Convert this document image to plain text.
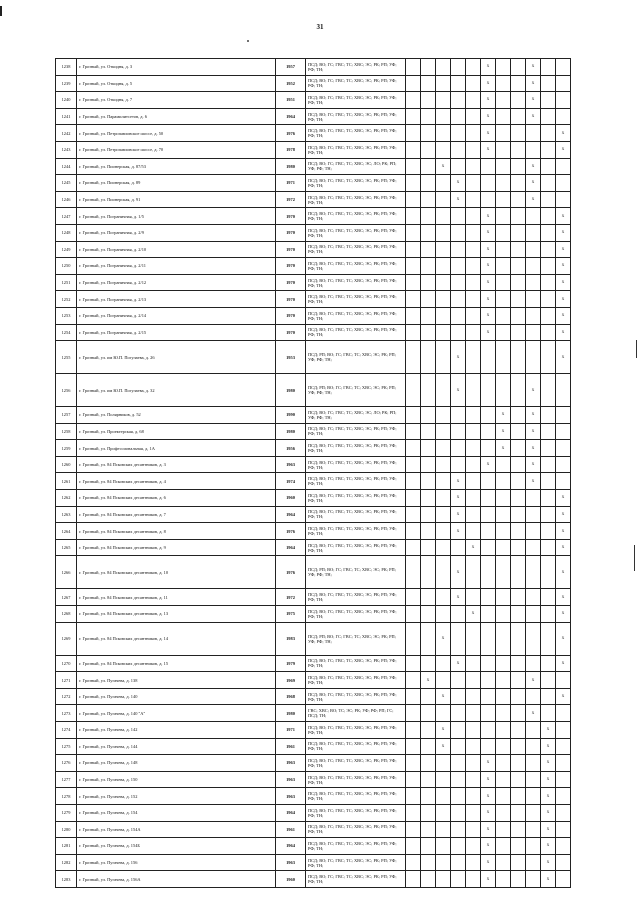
31
1238	г. Грозный, ул. Откидня, д. 3	1957	ПСД; ВО; ГС; ГВС; ТС; ХВС; ЭС; РК; РП; УФ; РФ; ТН;						x			x		
1239	г. Грозный, ул. Откидня, д. 5	1952	ПСД; ВО; ГС; ГВС; ТС; ХВС; ЭС; РК; РП; УФ; РФ; ТН;						x			x		
1240	г. Грозный, ул. Откидня, д. 7	1951	ПСД; ВО; ГС; ГВС; ТС; ХВС; ЭС; РК; РП; УФ; РФ; ТН;						x			x		
1241	г. Грозный, ул. Парамилитсетов, д. 6	1964	ПСД; ВО; ГС; ГВС; ТС; ХВС; ЭС; РК; РП; УФ; РФ; ТН;						x			x		
1242	г. Грозный, ул. Петропавловское шоссе, д. 50	1976	ПСД; ВО; ГС; ГВС; ТС; ХВС; ЭС; РК; РП; УФ; РФ; ТН;						x					x
1243	г. Грозный, ул. Петропавловское шоссе, д. 70	1978	ПСД; ВО; ГС; ГВС; ТС; ХВС; ЭС; РК; РП; УФ; РФ; ТН;						x					x
1244	г. Грозный, ул. Пионерская, д. 87/53	1980	ПСД; ВО; ГС; ГВС; ТС; ХВС; ЭС; ЛО; РК; РП; УФ; РФ; ТН;			x						x		
1245	г. Грозный, ул. Пионерская, д. 89	1971	ПСД; ВО; ГС; ГВС; ТС; ХВС; ЭС; РК; РП; УФ; РФ; ТН;				x					x		
1246	г. Грозный, ул. Пионерская, д. 91	1972	ПСД; ВО; ГС; ГВС; ТС; ХВС; ЭС; РК; РП; УФ; РФ; ТН;				x					x		
1247	г. Грозный, ул. Пограничная, д. 1/5	1970	ПСД; ВО; ГС; ГВС; ТС; ХВС; ЭС; РК; РП; УФ; РФ; ТН;						x					x
1248	г. Грозный, ул. Пограничная, д. 2/9	1970	ПСД; ВО; ГС; ГВС; ТС; ХВС; ЭС; РК; РП; УФ; РФ; ТН;						x					x
1249	г. Грозный, ул. Пограничная, д. 2/10	1970	ПСД; ВО; ГС; ГВС; ТС; ХВС; ЭС; РК; РП; УФ; РФ; ТН;						x					x
1250	г. Грозный, ул. Пограничная, д. 2/11	1970	ПСД; ВО; ГС; ГВС; ТС; ХВС; ЭС; РК; РП; УФ; РФ; ТН;						x					x
1251	г. Грозный, ул. Пограничная, д. 2/12	1970	ПСД; ВО; ГС; ГВС; ТС; ХВС; ЭС; РК; РП; УФ; РФ; ТН;						x					x
1252	г. Грозный, ул. Пограничная, д. 2/13	1970	ПСД; ВО; ГС; ГВС; ТС; ХВС; ЭС; РК; РП; УФ; РФ; ТН;						x					x
1253	г. Грозный, ул. Пограничная, д. 2/14	1970	ПСД; ВО; ГС; ГВС; ТС; ХВС; ЭС; РК; РП; УФ; РФ; ТН;						x					x
1254	г. Грозный, ул. Пограничная, д. 2/15	1970	ПСД; ВО; ГС; ГВС; ТС; ХВС; ЭС; РК; РП; УФ; РФ; ТН;						x					x
1255	г. Грозный, ул. им Ю.П. Погулаева, д. 26	1953	ПСД; РП; ВО; ГС; ГВС; ТС; ХВС; ЭС; РК; РП; УФ; РФ; ТН;				x							x
1256	г. Грозный, ул. им Ю.П. Погулаева, д. 32	1980	ПСД; РП; ВО; ГС; ГВС; ТС; ХВС; ЭС; РК; РП; УФ; РФ; ТН;				x					x		
1257	г. Грозный, ул. Полярников, д. 52	1990	ПСД; ВО; ГС; ГВС; ТС; ХВС; ЭС; ЛО; РК; РП; УФ; РФ; ТН;							x		x		
1258	г. Грозный, ул. Проектерская, д. 68	1980	ПСД; ВО; ГС; ГВС; ТС; ХВС; ЭС; РК; РП; УФ; РФ; ТН;							x		x		
1259	г. Грозный, ул. Профессиональная, д. 1А	1956	ПСД; ВО; ГС; ГВС; ТС; ХВС; ЭС; РК; РП; УФ; РФ; ТН;							x		x		
1260	г. Грозный, ул. 84 Псковских десантников, д. 3	1963	ПСД; ВО; ГС; ГВС; ТС; ХВС; ЭС; РК; РП; УФ; РФ; ТН;						x			x		
1261	г. Грозный, ул. 84 Псковских десантников, д. 4	1974	ПСД; ВО; ГС; ГВС; ТС; ХВС; ЭС; РК; РП; УФ; РФ; ТН;				x					x		
1262	г. Грозный, ул. 84 Псковских десантников, д. 6	1960	ПСД; ВО; ГС; ГВС; ТС; ХВС; ЭС; РК; РП; УФ; РФ; ТН;				x							x
1263	г. Грозный, ул. 84 Псковских десантников, д. 7	1964	ПСД; ВО; ГС; ГВС; ТС; ХВС; ЭС; РК; РП; УФ; РФ; ТН;				x							x
1264	г. Грозный, ул. 84 Псковских десантников, д. 8	1976	ПСД; ВО; ГС; ГВС; ТС; ХВС; ЭС; РК; РП; УФ; РФ; ТН;				x							x
1265	г. Грозный, ул. 84 Псковских десантников, д. 9	1964	ПСД; ВО; ГС; ГВС; ТС; ХВС; ЭС; РК; РП; УФ; РФ; ТН;					x						x
1266	г. Грозный, ул. 84 Псковских десантников, д. 10	1976	ПСД; РП; ВО; ГС; ГВС; ТС; ХВС; ЭС; РК; РП; УФ; РФ; ТН;				x							x
1267	г. Грозный, ул. 84 Псковских десантников, д. 11	1972	ПСД; ВО; ГС; ГВС; ТС; ХВС; ЭС; РК; РП; УФ; РФ; ТН;				x							x
1268	г. Грозный, ул. 84 Псковских десантников, д. 13	1975	ПСД; ВО; ГС; ГВС; ТС; ХВС; ЭС; РК; РП; УФ; РФ; ТН;					x						x
1269	г. Грозный, ул. 84 Псковских десантников, д. 14	1983	ПСД; РП; ВО; ГС; ГВС; ТС; ХВС; ЭС; РК; РП; УФ; РФ; ТН;			x								x
1270	г. Грозный, ул. 84 Псковских десантников, д. 15	1979	ПСД; ВО; ГС; ГВС; ТС; ХВС; ЭС; РК; РП; УФ; РФ; ТН;				x							x
1271	г. Грозный, ул. Пугачева, д. 138	1969	ПСД; ВО; ГС; ГВС; ТС; ХВС; ЭС; РК; РП; УФ; РФ; ТН;		x							x		
1272	г. Грозный, ул. Пугачева, д. 140	1968	ПСД; ВО; ГС; ГВС; ТС; ХВС; ЭС; РК; РП; УФ; РФ; ТН;			x								x
1273	г. Грозный, ул. Пугачева, д. 140 "А"	1980	ГВС; ХВС; ВО; ТС; ЭС; РК; УФ; РФ; РП; ГС; ПСД; ТН;									x		
1274	г. Грозный, ул. Пугачева, д. 142	1971	ПСД; ВО; ГС; ГВС; ТС; ХВС; ЭС; РК; РП; УФ; РФ; ТН;			x							x	
1275	г. Грозный, ул. Пугачева, д. 144	1961	ПСД; ВО; ГС; ГВС; ТС; ХВС; ЭС; РК; РП; УФ; РФ; ТН;			x							x	
1276	г. Грозный, ул. Пугачева, д. 148	1963	ПСД; ВО; ГС; ГВС; ТС; ХВС; ЭС; РК; РП; УФ; РФ; ТН;						x				x	
1277	г. Грозный, ул. Пугачева, д. 150	1963	ПСД; ВО; ГС; ГВС; ТС; ХВС; ЭС; РК; РП; УФ; РФ; ТН;						x				x	
1278	г. Грозный, ул. Пугачева, д. 152	1963	ПСД; ВО; ГС; ГВС; ТС; ХВС; ЭС; РК; РП; УФ; РФ; ТН;						x				x	
1279	г. Грозный, ул. Пугачева, д. 154	1964	ПСД; ВО; ГС; ГВС; ТС; ХВС; ЭС; РК; РП; УФ; РФ; ТН;						x				x	
1280	г. Грозный, ул. Пугачева, д. 154А	1961	ПСД; ВО; ГС; ГВС; ТС; ХВС; ЭС; РК; РП; УФ; РФ; ТН;						x				x	
1281	г. Грозный, ул. Пугачева, д. 154Б	1964	ПСД; ВО; ГС; ГВС; ТС; ХВС; ЭС; РК; РП; УФ; РФ; ТН;						x				x	
1282	г. Грозный, ул. Пугачева, д. 156	1963	ПСД; ВО; ГС; ГВС; ТС; ХВС; ЭС; РК; РП; УФ; РФ; ТН;						x				x	
1283	г. Грозный, ул. Пугачева, д. 156А	1960	ПСД; ВО; ГС; ГВС; ТС; ХВС; ЭС; РК; РП; УФ; РФ; ТН;						x				x	
